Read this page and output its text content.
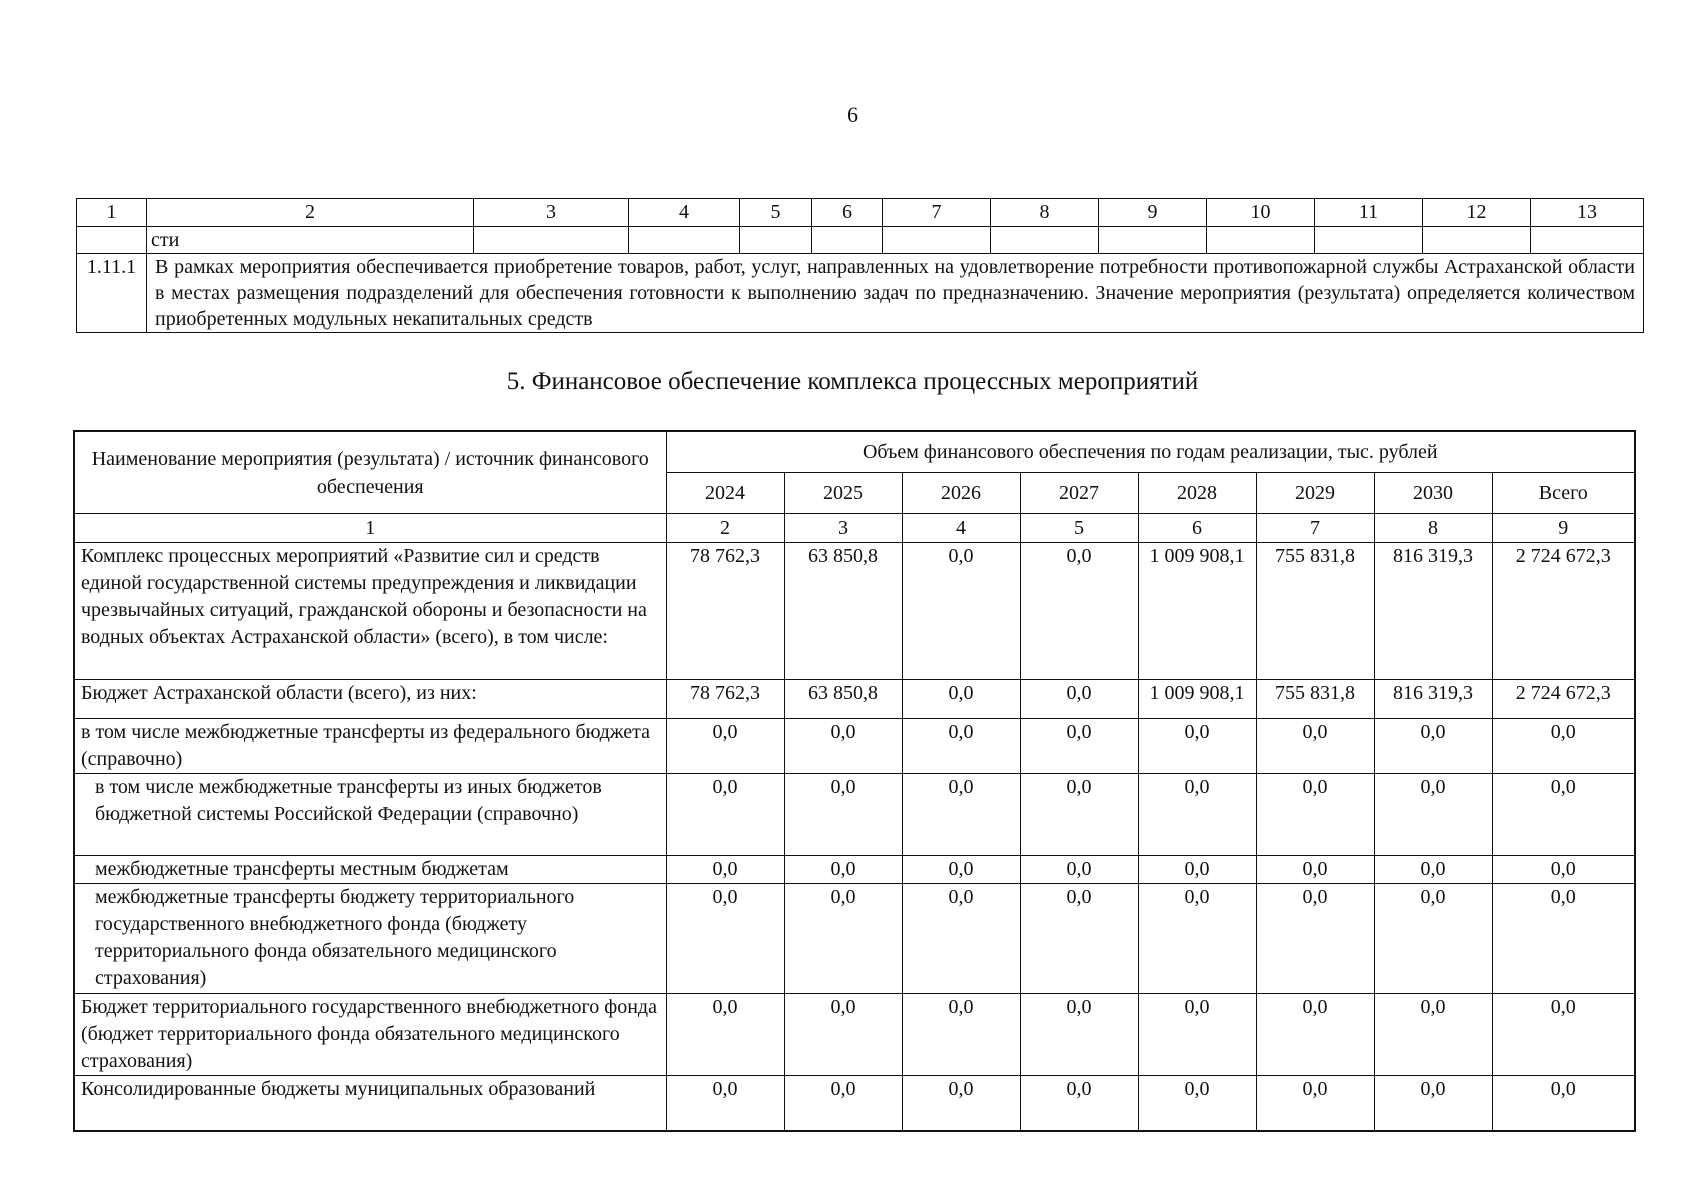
6
1	2	3	4	5	6	7	8	9	10	11	12	13
	сти											
1.11.1	В рамках мероприятия обеспечивается приобретение товаров, работ, услуг, направленных на удовлетворение потребности противопожарной службы Астраханской области в местах размещения подразделений для обеспечения готовности к выполнению задач по предназначению. Значение мероприятия (результата) определяется количеством приобретенных модульных некапитальных средств											
5. Финансовое обеспечение комплекса процессных мероприятий
Наименование мероприятия (результата) / источник финансового обеспечения	Объем финансового обеспечения по годам реализации, тыс. рублей							
	2024	2025	2026	2027	2028	2029	2030	Всего
1	2	3	4	5	6	7	8	9
Комплекс процессных мероприятий «Развитие сил и средств единой государственной системы предупреждения и ликвидации чрезвычайных ситуаций, гражданской обороны и безопасности на водных объектах Астраханской области» (всего), в том числе:	78 762,3	63 850,8	0,0	0,0	1 009 908,1	755 831,8	816 319,3	2 724 672,3
Бюджет Астраханской области (всего), из них:	78 762,3	63 850,8	0,0	0,0	1 009 908,1	755 831,8	816 319,3	2 724 672,3
в том числе межбюджетные трансферты из федерального бюджета (справочно)	0,0	0,0	0,0	0,0	0,0	0,0	0,0	0,0
в том числе межбюджетные трансферты из иных бюджетов бюджетной системы Российской Федерации (справочно)	0,0	0,0	0,0	0,0	0,0	0,0	0,0	0,0
межбюджетные трансферты местным бюджетам	0,0	0,0	0,0	0,0	0,0	0,0	0,0	0,0
межбюджетные трансферты бюджету территориального государственного внебюджетного фонда (бюджету территориального фонда обязательного медицинского страхования)	0,0	0,0	0,0	0,0	0,0	0,0	0,0	0,0
Бюджет территориального государственного внебюджетного фонда (бюджет территориального фонда обязательного медицинского страхования)	0,0	0,0	0,0	0,0	0,0	0,0	0,0	0,0
Консолидированные бюджеты муниципальных образований	0,0	0,0	0,0	0,0	0,0	0,0	0,0	0,0
